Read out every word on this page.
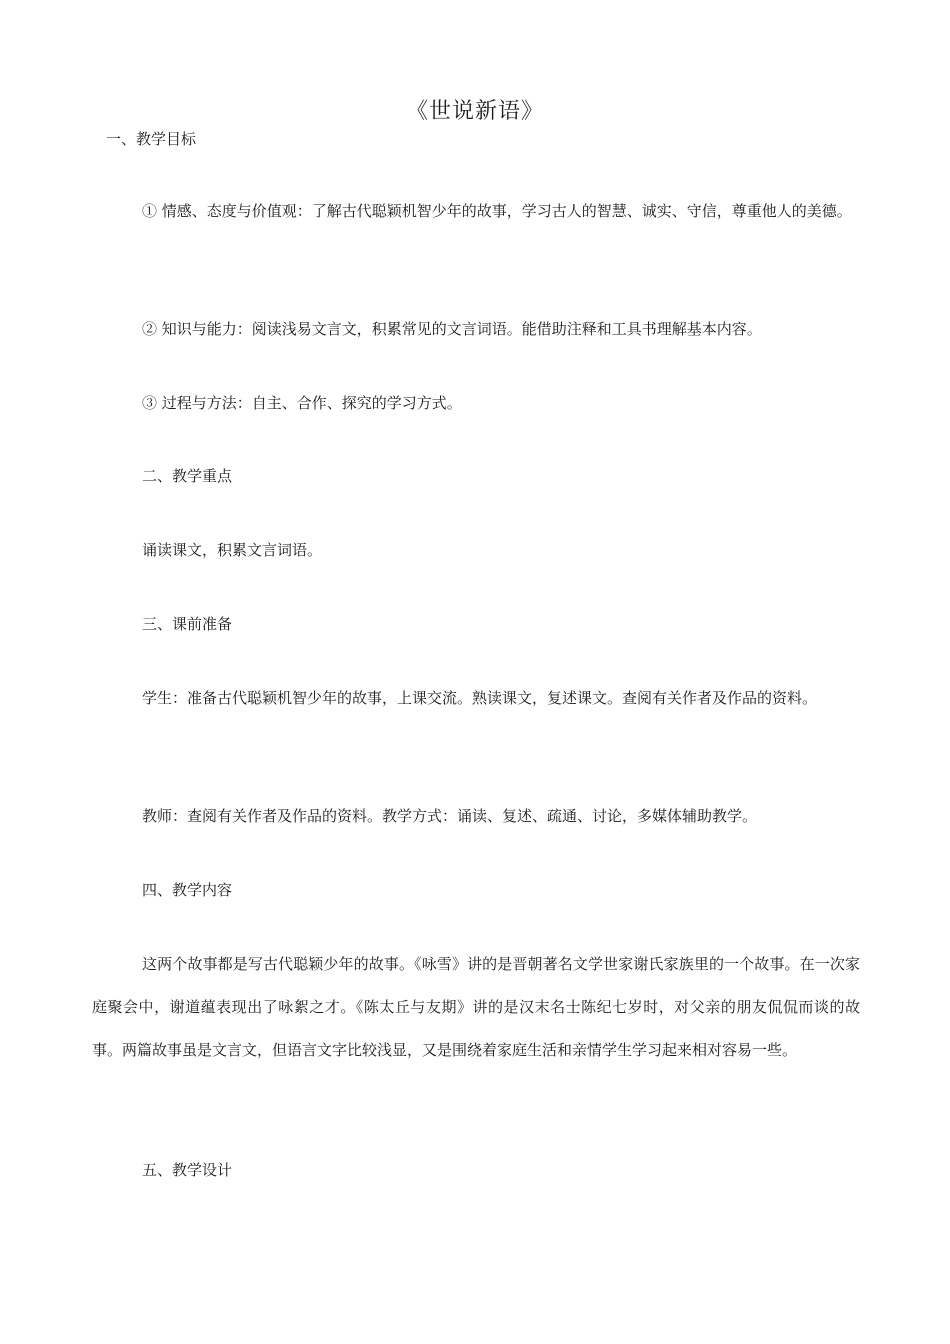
《世说新语》
一、教学目标
① 情感、态度与价值观：了解古代聪颖机智少年的故事，学习古人的智慧、诚实、守信，尊重他人的美德。
② 知识与能力：阅读浅易文言文，积累常见的文言词语。能借助注释和工具书理解基本内容。
③ 过程与方法：自主、合作、探究的学习方式。
二、教学重点
诵读课文，积累文言词语。
三、课前准备
学生：准备古代聪颖机智少年的故事，上课交流。熟读课文，复述课文。查阅有关作者及作品的资料。
教师：查阅有关作者及作品的资料。教学方式：诵读、复述、疏通、讨论，多媒体辅助教学。
四、教学内容
这两个故事都是写古代聪颖少年的故事。《咏雪》讲的是晋朝著名文学世家谢氏家族里的一个故事。在一次家庭聚会中，谢道蕴表现出了咏絮之才。《陈太丘与友期》讲的是汉末名士陈纪七岁时，对父亲的朋友侃侃而谈的故事。两篇故事虽是文言文，但语言文字比较浅显，又是围绕着家庭生活和亲情学生学习起来相对容易一些。
五、教学设计
